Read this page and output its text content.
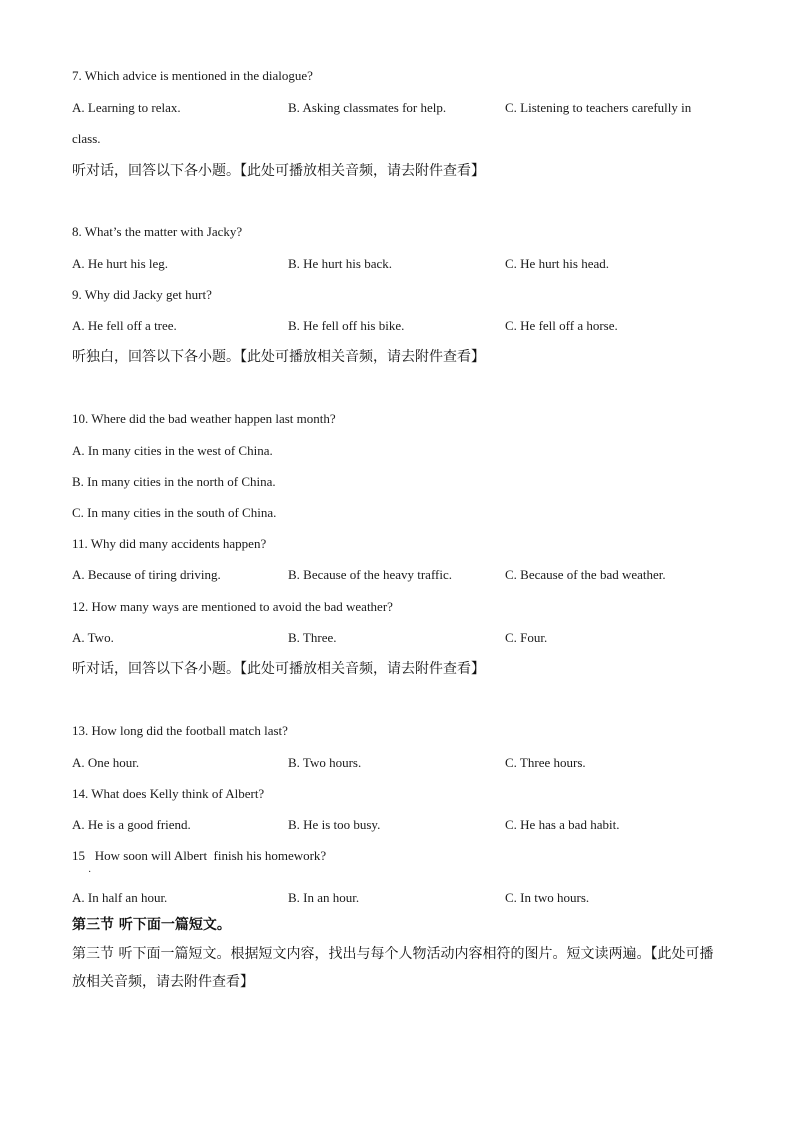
7. Which advice is mentioned in the dialogue?
A. Learning to relax.	B. Asking classmates for help.	C. Listening to teachers carefully in
class.
听对话，回答以下各小题。【此处可播放相关音频，请去附件查看】
8. What’s the matter with Jacky?
A. He hurt his leg.	B. He hurt his back.	C. He hurt his head.
9. Why did Jacky get hurt?
A. He fell off a tree.	B. He fell off his bike.	C. He fell off a horse.
听独白，回答以下各小题。【此处可播放相关音频，请去附件查看】
10. Where did the bad weather happen last month?
A. In many cities in the west of China.
B. In many cities in the north of China.
C. In many cities in the south of China.
11. Why did many accidents happen?
A. Because of tiring driving.	B. Because of the heavy traffic.	C. Because of the bad weather.
12. How many ways are mentioned to avoid the bad weather?
A. Two.	B. Three.	C. Four.
听对话，回答以下各小题。【此处可播放相关音频，请去附件查看】
13. How long did the football match last?
A. One hour.	B. Two hours.	C. Three hours.
14. What does Kelly think of Albert?
A. He is a good friend.	B. He is too busy.	C. He has a bad habit.
15   How soon will Albert  finish his homework?
·
A. In half an hour.	B. In an hour.	C. In two hours.
第三节 听下面一篇短文。
第三节 听下面一篇短文。根据短文内容，找出与每个人物活动内容相符的图片。短文读两遍。【此处可播放相关音频，请去附件查看】
